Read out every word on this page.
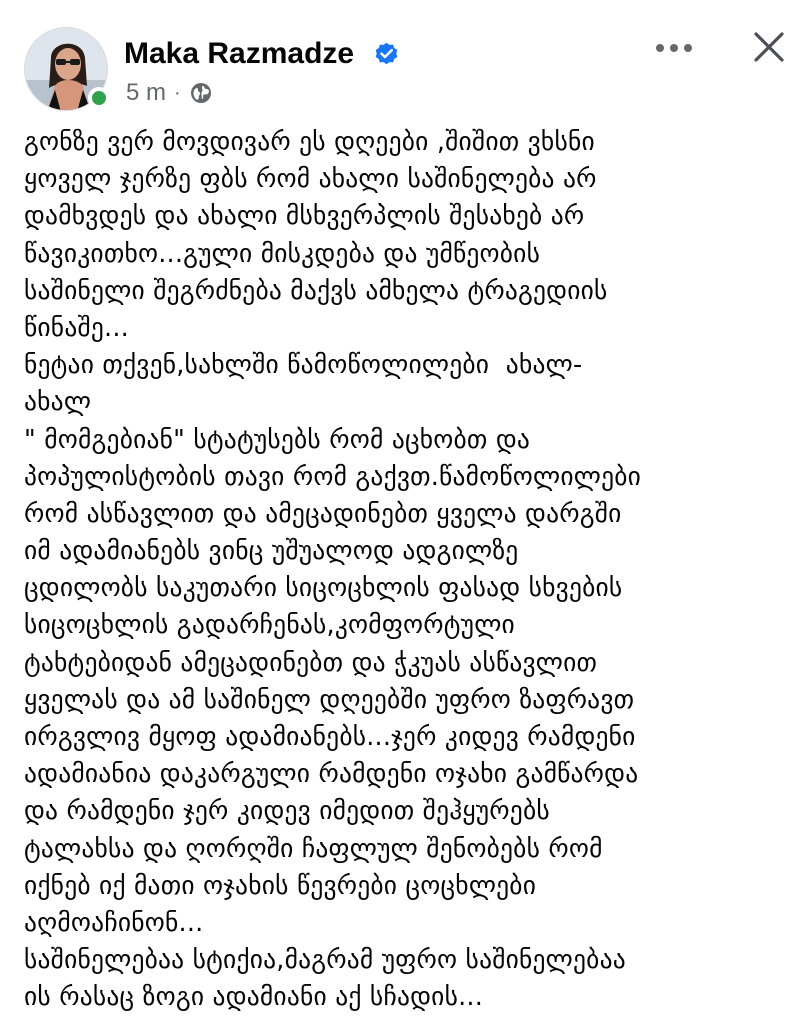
Maka Razmadze
5 m ·
გონზე ვერ მოვდივარ ეს დღეები ,შიშით ვხსნი
ყოველ ჯერზე ფბს რომ ახალი საშინელება არ
დამხვდეს და ახალი მსხვერპლის შესახებ არ
წავიკითხო...გული მისკდება და უმწეობის
საშინელი შეგრძნება მაქვს ამხელა ტრაგედიის
წინაშე...
ნეტაი თქვენ,სახლში წამოწოლილები  ახალ-
ახალ
" მომგებიან" სტატუსებს რომ აცხობთ და
პოპულისტობის თავი რომ გაქვთ.წამოწოლილები
რომ ასწავლით და ამეცადინებთ ყველა დარგში
იმ ადამიანებს ვინც უშუალოდ ადგილზე
ცდილობს საკუთარი სიცოცხლის ფასად სხვების
სიცოცხლის გადარჩენას,კომფორტული
ტახტებიდან ამეცადინებთ და ჭკუას ასწავლით
ყველას და ამ საშინელ დღეებში უფრო ზაფრავთ
ირგვლივ მყოფ ადამიანებს...ჯერ კიდევ რამდენი
ადამიანია დაკარგული რამდენი ოჯახი გამწარდა
და რამდენი ჯერ კიდევ იმედით შეჰყურებს
ტალახსა და ღორღში ჩაფლულ შენობებს რომ
იქნებ იქ მათი ოჯახის წევრები ცოცხლები
აღმოაჩინონ...
საშინელებაა სტიქია,მაგრამ უფრო საშინელებაა
ის რასაც ზოგი ადამიანი აქ სჩადის...
